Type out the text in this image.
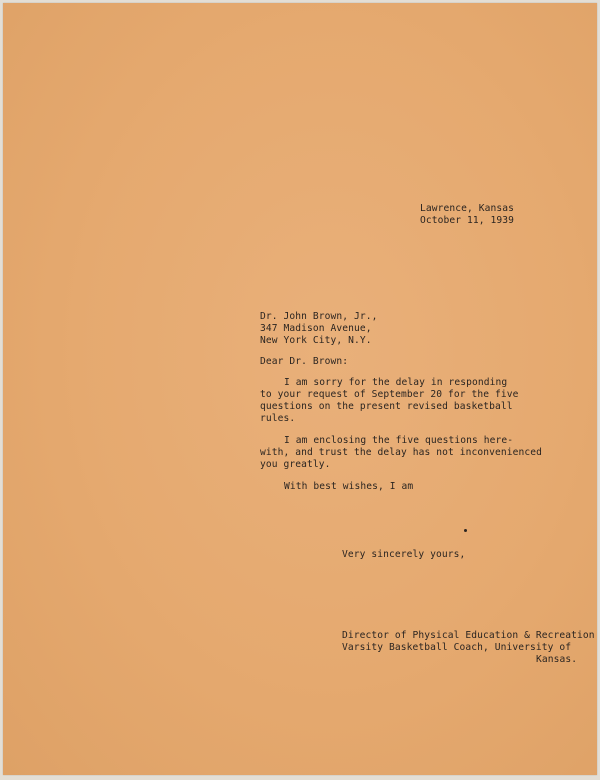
Lawrence, Kansas
October 11, 1939
Dr. John Brown, Jr.,
347 Madison Avenue,
New York City, N.Y.
Dear Dr. Brown:
I am sorry for the delay in responding
to your request of September 20 for the five
questions on the present revised basketball
rules.
I am enclosing the five questions here-
with, and trust the delay has not inconvenienced
you greatly.
With best wishes, I am
Very sincerely yours,
Director of Physical Education & Recreation
Varsity Basketball Coach, University of
Kansas.
